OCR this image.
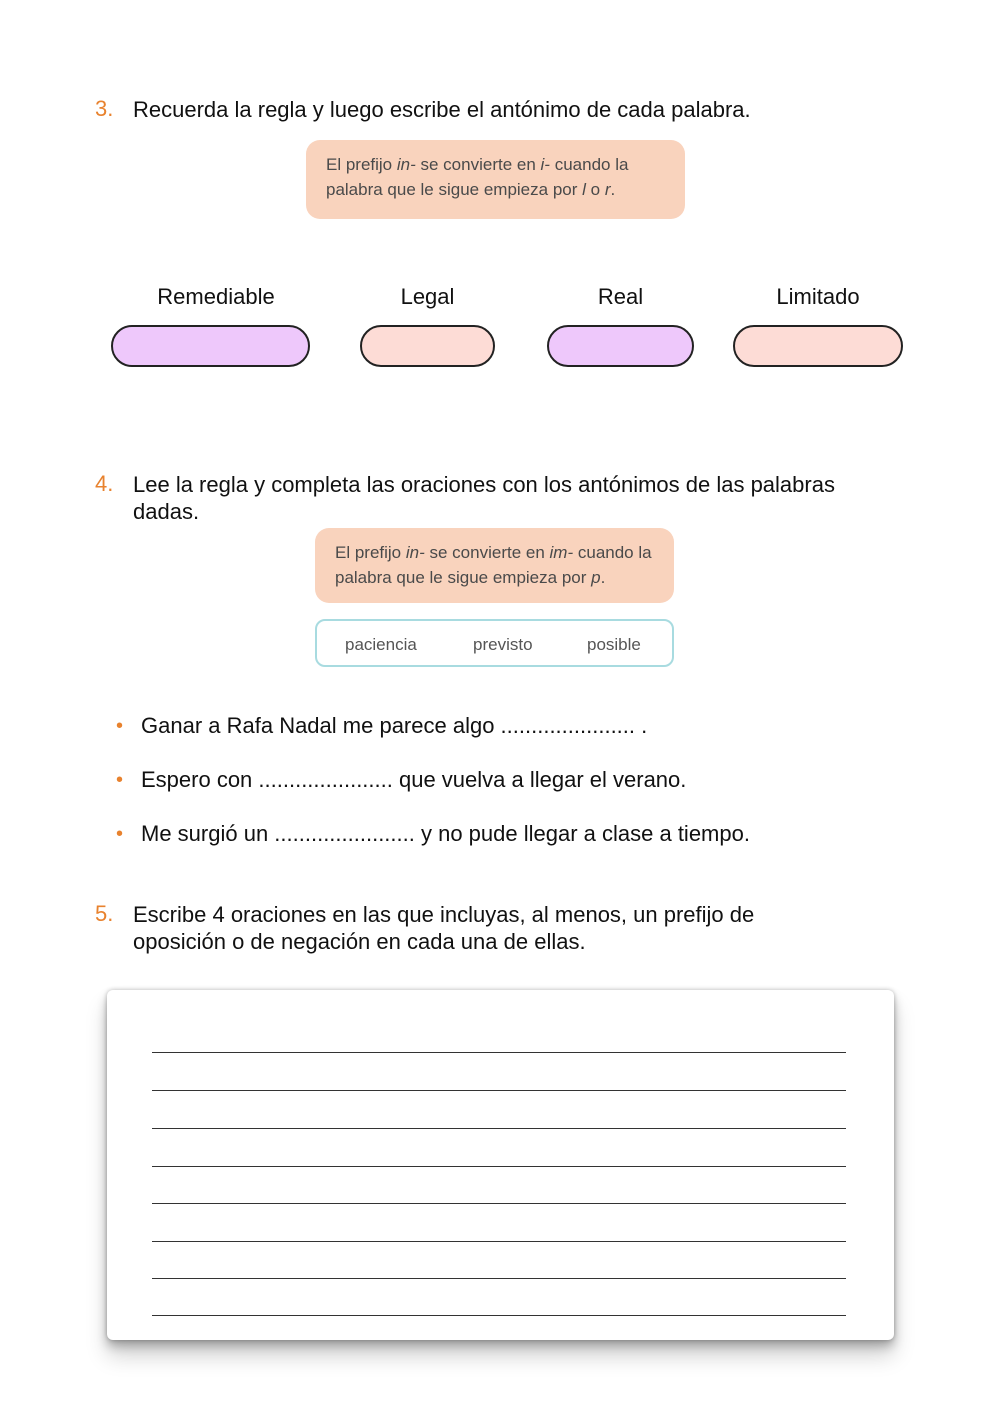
3. Recuerda la regla y luego escribe el antónimo de cada palabra.
El prefijo in- se convierte en i- cuando la
palabra que le sigue empieza por l o r.
Remediable	Legal	Real	Limitado
4. Lee la regla y completa las oraciones con los antónimos de las palabras
dadas.
El prefijo in- se convierte en im- cuando la
palabra que le sigue empieza por p.
paciencia	previsto	posible
• Ganar a Rafa Nadal me parece algo ...................... .
• Espero con ...................... que vuelva a llegar el verano.
• Me surgió un ....................... y no pude llegar a clase a tiempo.
5. Escribe 4 oraciones en las que incluyas, al menos, un prefijo de
oposición o de negación en cada una de ellas.
